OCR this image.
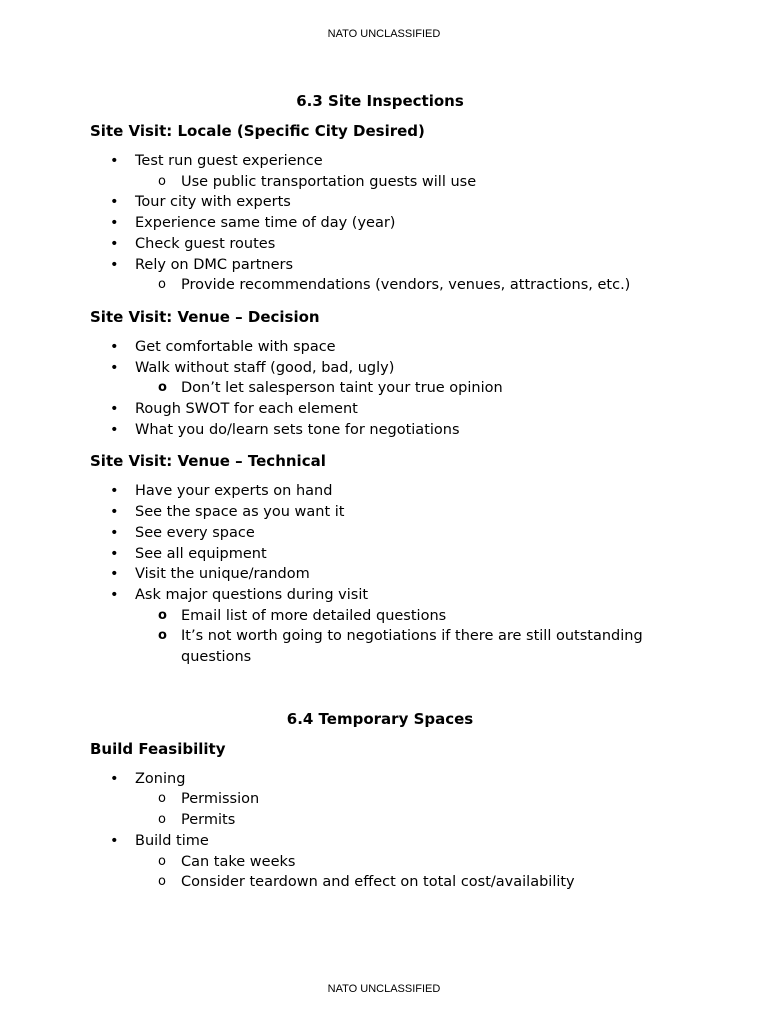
NATO UNCLASSIFIED
6.3 Site Inspections
Site Visit: Locale (Specific City Desired)
• Test run guest experience
o Use public transportation guests will use
• Tour city with experts
• Experience same time of day (year)
• Check guest routes
• Rely on DMC partners
o Provide recommendations (vendors, venues, attractions, etc.)
Site Visit: Venue – Decision
• Get comfortable with space
• Walk without staff (good, bad, ugly)
o Don’t let salesperson taint your true opinion
• Rough SWOT for each element
• What you do/learn sets tone for negotiations
Site Visit: Venue – Technical
• Have your experts on hand
• See the space as you want it
• See every space
• See all equipment
• Visit the unique/random
• Ask major questions during visit
o Email list of more detailed questions
o It’s not worth going to negotiations if there are still outstanding questions
6.4 Temporary Spaces
Build Feasibility
• Zoning
o Permission
o Permits
• Build time
o Can take weeks
o Consider teardown and effect on total cost/availability
NATO UNCLASSIFIED
